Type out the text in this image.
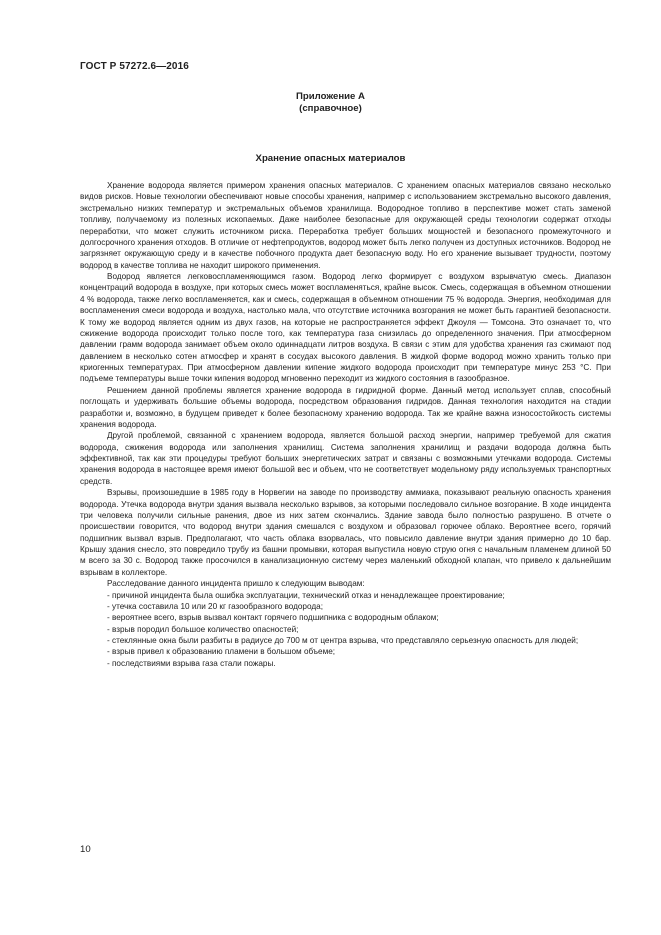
ГОСТ Р 57272.6—2016
Приложение А
(справочное)
Хранение опасных материалов

Хранение водорода является примером хранения опасных материалов. С хранением опасных материалов связано несколько видов рисков. Новые технологии обеспечивают новые способы хранения, например с использованием экстремально высокого давления, экстремально низких температур и экстремальных объемов хранилища. Водородное топливо в перспективе может стать заменой топливу, получаемому из полезных ископаемых. Даже наиболее безопасные для окружающей среды технологии содержат отходы переработки, что может служить источником риска. Переработка требует больших мощностей и безопасного промежуточного и долгосрочного хранения отходов. В отличие от нефтепродуктов, водород может быть легко получен из доступных источников. Водород не загрязняет окружающую среду и в качестве побочного продукта дает безопасную воду. Но его хранение вызывает трудности, поэтому водород в качестве топлива не находит широкого применения.

Водород является легковоспламеняющимся газом. Водород легко формирует с воздухом взрывчатую смесь. Диапазон концентраций водорода в воздухе, при которых смесь может воспламеняться, крайне высок. Смесь, содержащая в объемном отношении 4 % водорода, также легко воспламеняется, как и смесь, содержащая в объемном отношении 75 % водорода. Энергия, необходимая для воспламенения смеси водорода и воздуха, настолько мала, что отсутствие источника возгорания не может быть гарантией безопасности. К тому же водород является одним из двух газов, на которые не распространяется эффект Джоуля — Томсона. Это означает то, что сжижение водорода происходит только после того, как температура газа снизилась до определенного значения. При атмосферном давлении грамм водорода занимает объем около одиннадцати литров воздуха. В связи с этим для удобства хранения газ сжимают под давлением в несколько сотен атмосфер и хранят в сосудах высокого давления. В жидкой форме водород можно хранить только при криогенных температурах. При атмосферном давлении кипение жидкого водорода происходит при температуре минус 253 °С. При подъеме температуры выше точки кипения водород мгновенно переходит из жидкого состояния в газообразное.

Решением данной проблемы является хранение водорода в гидридной форме. Данный метод использует сплав, способный поглощать и удерживать большие объемы водорода, посредством образования гидридов. Данная технология находится на стадии разработки и, возможно, в будущем приведет к более безопасному хранению водорода. Так же крайне важна износостойкость системы хранения водорода.

Другой проблемой, связанной с хранением водорода, является большой расход энергии, например требуемой для сжатия водорода, сжижения водорода или заполнения хранилищ. Система заполнения хранилищ и раздачи водорода должна быть эффективной, так как эти процедуры требуют больших энергетических затрат и связаны с возможными утечками водорода. Системы хранения водорода в настоящее время имеют большой вес и объем, что не соответствует модельному ряду используемых транспортных средств.

Взрывы, произошедшие в 1985 году в Норвегии на заводе по производству аммиака, показывают реальную опасность хранения водорода. Утечка водорода внутри здания вызвала несколько взрывов, за которыми последовало сильное возгорание. В ходе инцидента три человека получили сильные ранения, двое из них затем скончались. Здание завода было полностью разрушено. В отчете о происшествии говорится, что водород внутри здания смешался с воздухом и образовал горючее облако. Вероятнее всего, горячий подшипник вызвал взрыв. Предполагают, что часть облака взорвалась, что повысило давление внутри здания примерно до 10 бар. Крышу здания снесло, это повредило трубу из башни промывки, которая выпустила новую струю огня с начальным пламенем длиной 50 м всего за 30 с. Водород также просочился в канализационную систему через маленький обходной клапан, что привело к дальнейшим взрывам в коллекторе.

Расследование данного инцидента пришло к следующим выводам:

- причиной инцидента была ошибка эксплуатации, технический отказ и ненадлежащее проектирование;
- утечка составила 10 или 20 кг газообразного водорода;
- вероятнее всего, взрыв вызвал контакт горячего подшипника с водородным облаком;
- взрыв породил большое количество опасностей;
- стеклянные окна были разбиты в радиусе до 700 м от центра взрыва, что представляло серьезную опасность для людей;
- взрыв привел к образованию пламени в большом объеме;
- последствиями взрыва газа стали пожары.
10
